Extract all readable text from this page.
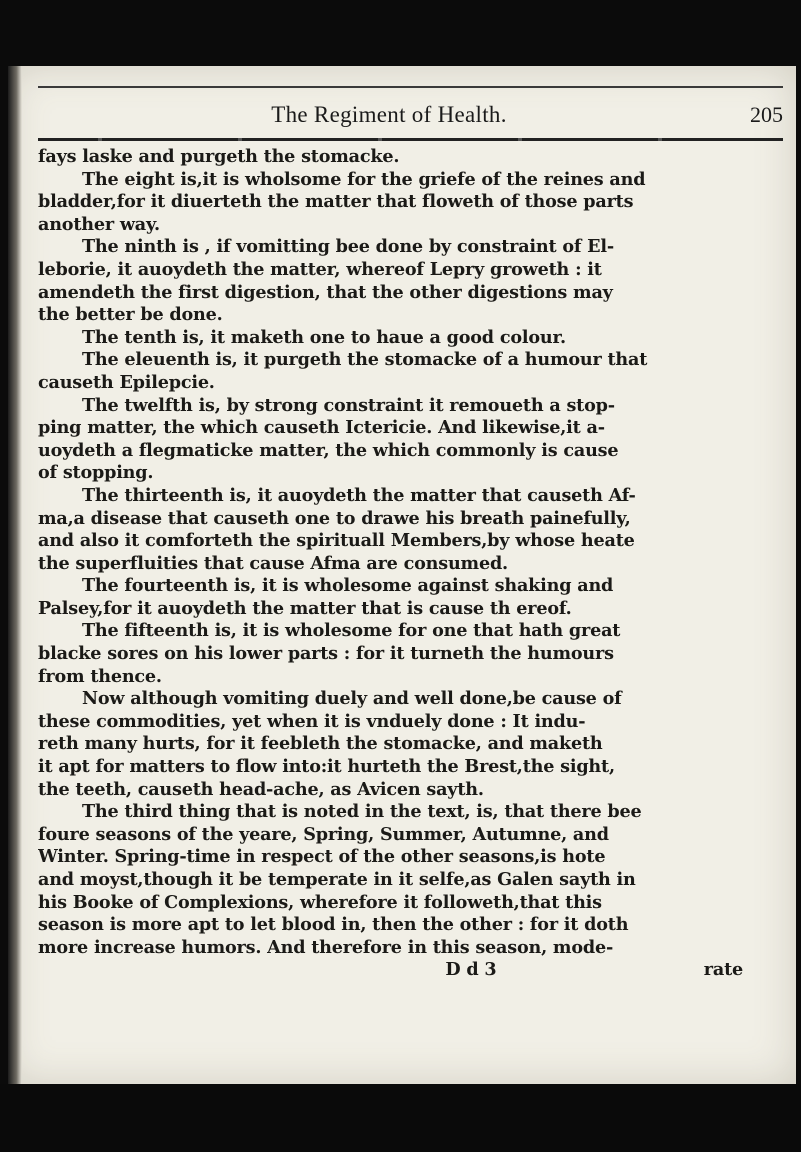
The Regiment of Health.	205
fays laske and purgeth the stomacke.
The eight is,it is wholsome for the griefe of the reines and
bladder,for it diuerteth the matter that floweth of those parts
another way.
The ninth is , if vomitting bee done by constraint of El-
leborie, it auoydeth the matter, whereof Lepry groweth : it
amendeth the first digestion, that the other digestions may
the better be done.
The tenth is, it maketh one to haue a good colour.
The eleuenth is, it purgeth the stomacke of a humour that
causeth Epilepcie.
The twelfth is, by strong constraint it remoueth a stop-
ping matter, the which causeth Ictericie. And likewise,it a-
uoydeth a flegmaticke matter, the which commonly is cause
of stopping.
The thirteenth is, it auoydeth the matter that causeth Af-
ma,a disease that causeth one to drawe his breath painefully,
and also it comforteth the spirituall Members,by whose heate
the superfluities that cause Afma are consumed.
The fourteenth is, it is wholesome against shaking and
Palsey,for it auoydeth the matter that is cause th ereof.
The fifteenth is, it is wholesome for one that hath great
blacke sores on his lower parts : for it turneth the humours
from thence.
Now although vomiting duely and well done,be cause of
these commodities, yet when it is vnduely done : It indu-
reth many hurts, for it feebleth the stomacke, and maketh
it apt for matters to flow into:it hurteth the Brest,the sight,
the teeth, causeth head-ache, as Avicen sayth.
The third thing that is noted in the text, is, that there bee
foure seasons of the yeare, Spring, Summer, Autumne, and
Winter. Spring-time in respect of the other seasons,is hote
and moyst,though it be temperate in it selfe,as Galen sayth in
his Booke of Complexions, wherefore it followeth,that this
season is more apt to let blood in, then the other : for it doth
more increase humors. And therefore in this season, mode-
D d 3	rate
